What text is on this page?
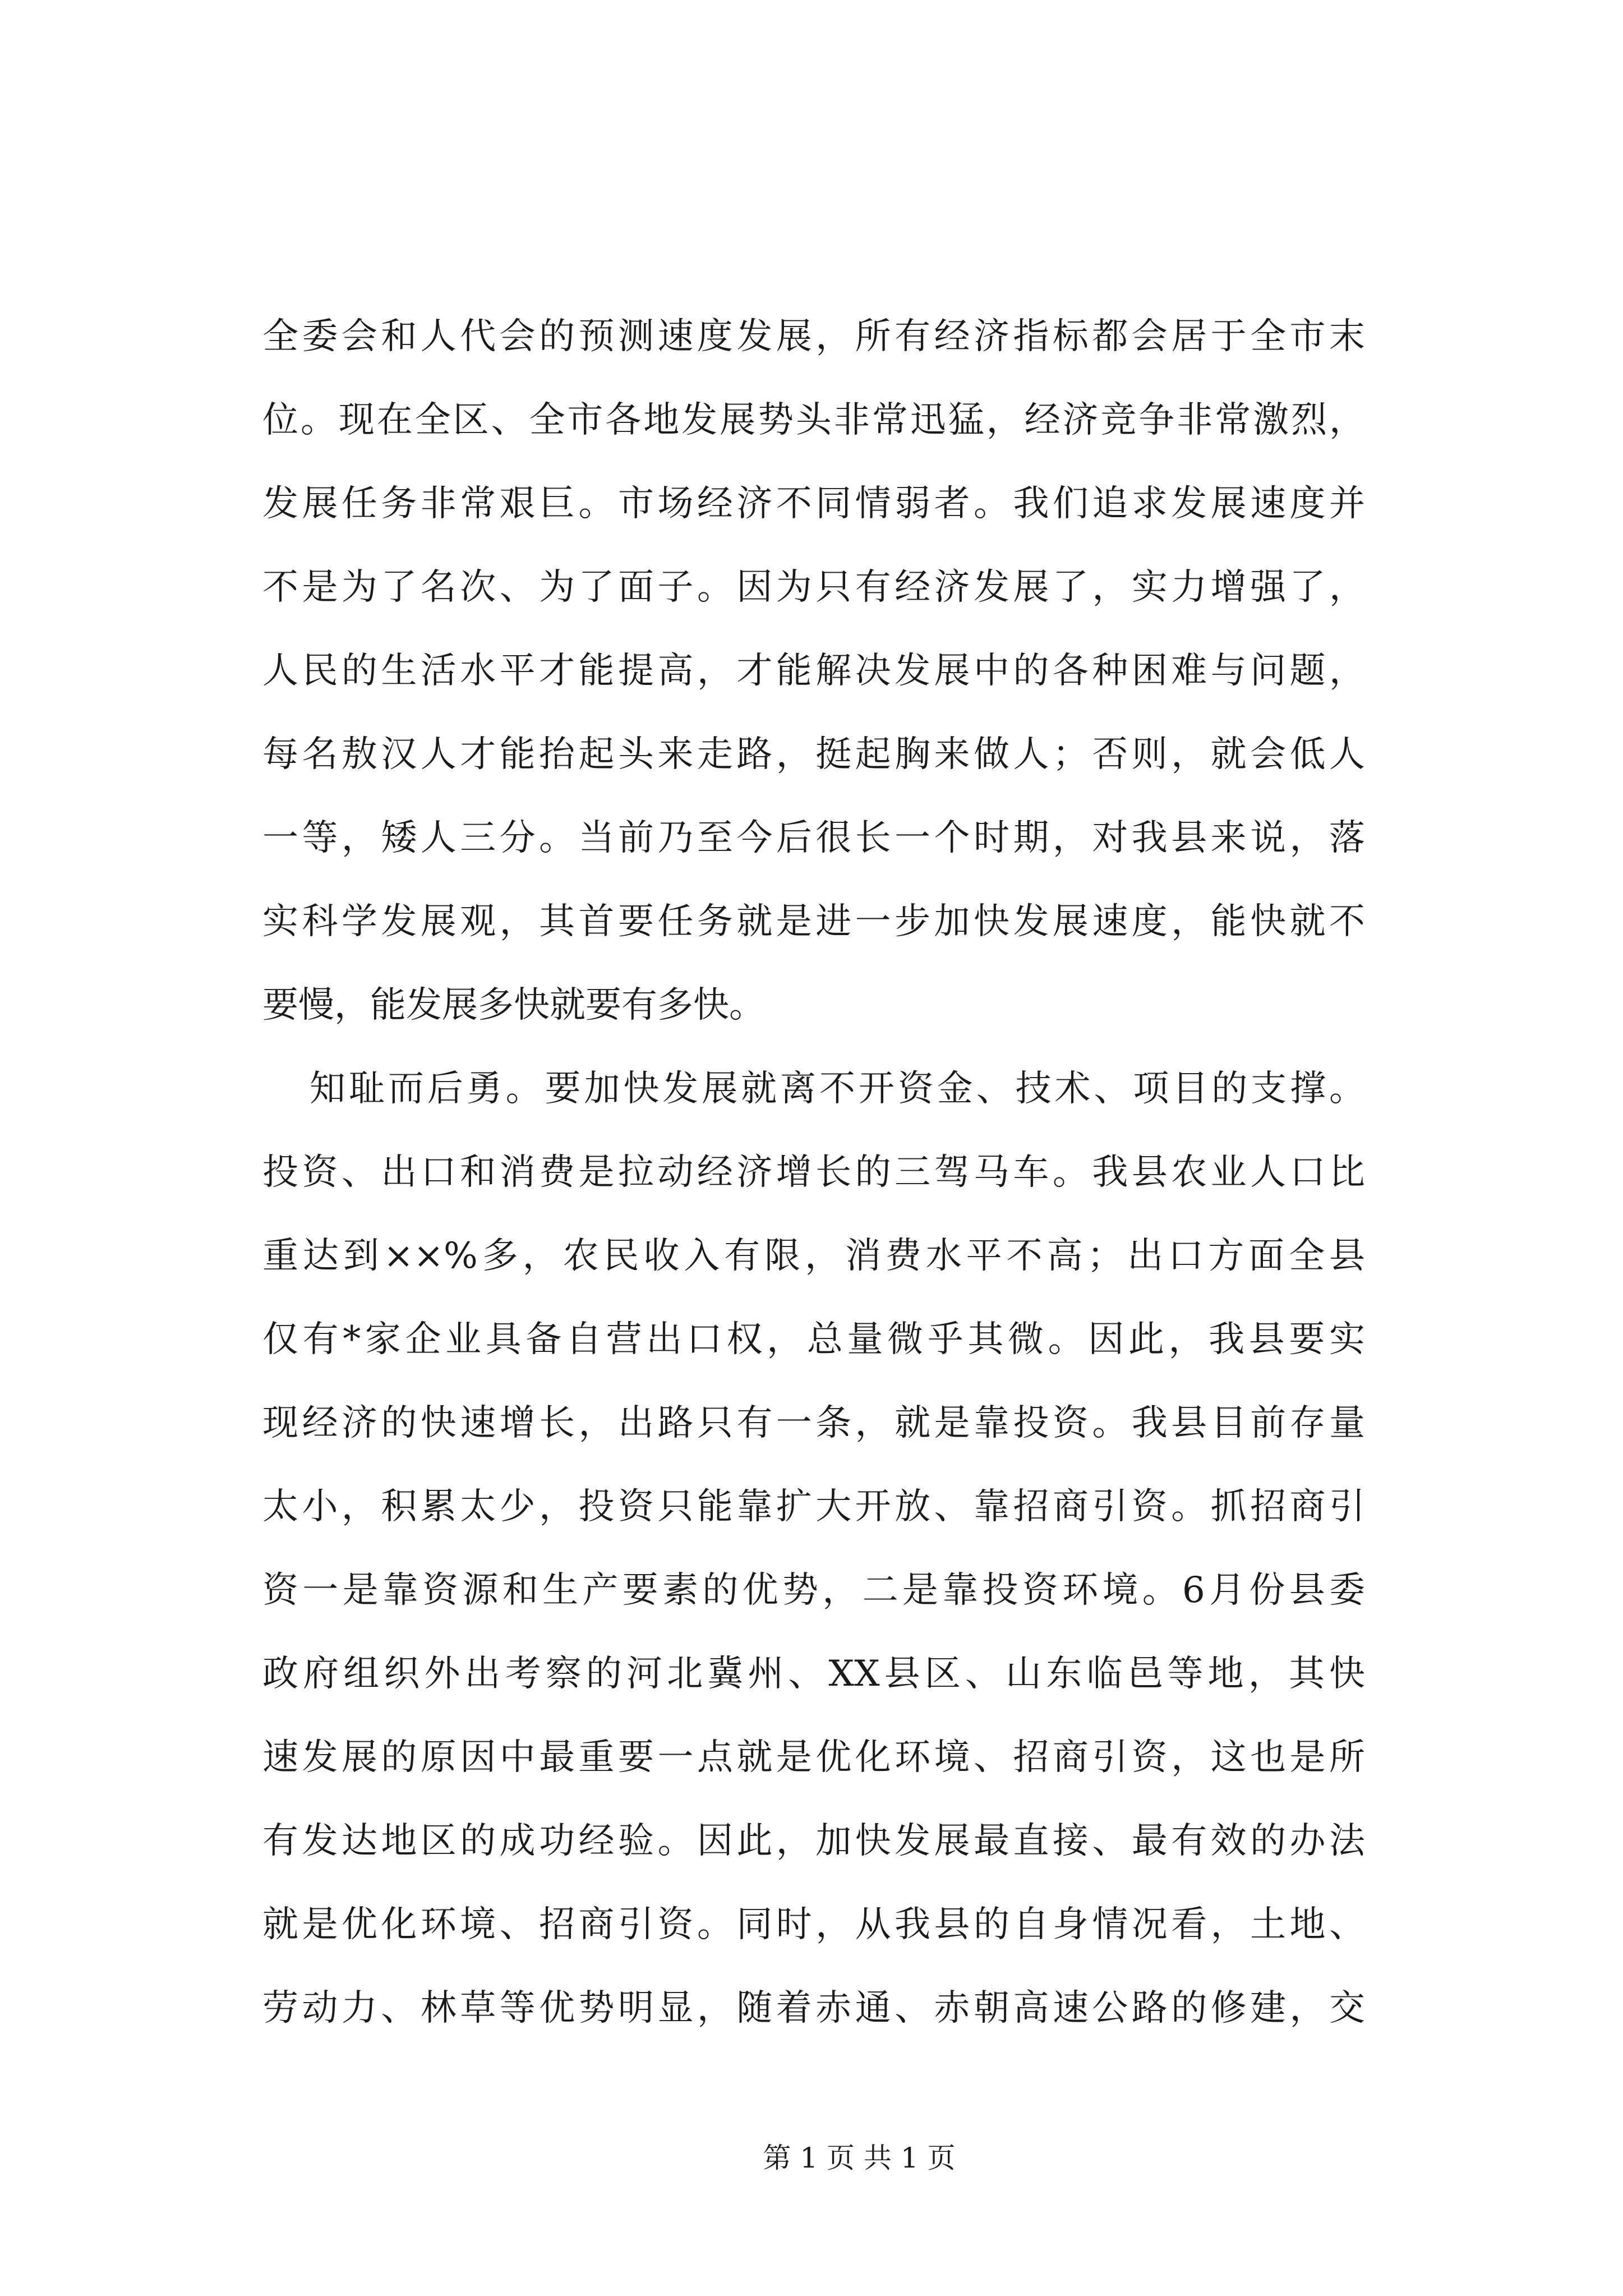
全委会和人代会的预测速度发展，所有经济指标都会居于全市末
位。现在全区、全市各地发展势头非常迅猛，经济竞争非常激烈，
发展任务非常艰巨。市场经济不同情弱者。我们追求发展速度并
不是为了名次、为了面子。因为只有经济发展了，实力增强了，
人民的生活水平才能提高，才能解决发展中的各种困难与问题，
每名敖汉人才能抬起头来走路，挺起胸来做人；否则，就会低人
一等，矮人三分。当前乃至今后很长一个时期，对我县来说，落
实科学发展观，其首要任务就是进一步加快发展速度，能快就不
要慢，能发展多快就要有多快。
知耻而后勇。要加快发展就离不开资金、技术、项目的支撑。
投资、出口和消费是拉动经济增长的三驾马车。我县农业人口比
重达到××%多，农民收入有限，消费水平不高；出口方面全县
仅有*家企业具备自营出口权，总量微乎其微。因此，我县要实
现经济的快速增长，出路只有一条，就是靠投资。我县目前存量
太小，积累太少，投资只能靠扩大开放、靠招商引资。抓招商引
资一是靠资源和生产要素的优势，二是靠投资环境。6月份县委
政府组织外出考察的河北冀州、XX县区、山东临邑等地，其快
速发展的原因中最重要一点就是优化环境、招商引资，这也是所
有发达地区的成功经验。因此，加快发展最直接、最有效的办法
就是优化环境、招商引资。同时，从我县的自身情况看，土地、
劳动力、林草等优势明显，随着赤通、赤朝高速公路的修建，交
第 1 页 共 1 页
